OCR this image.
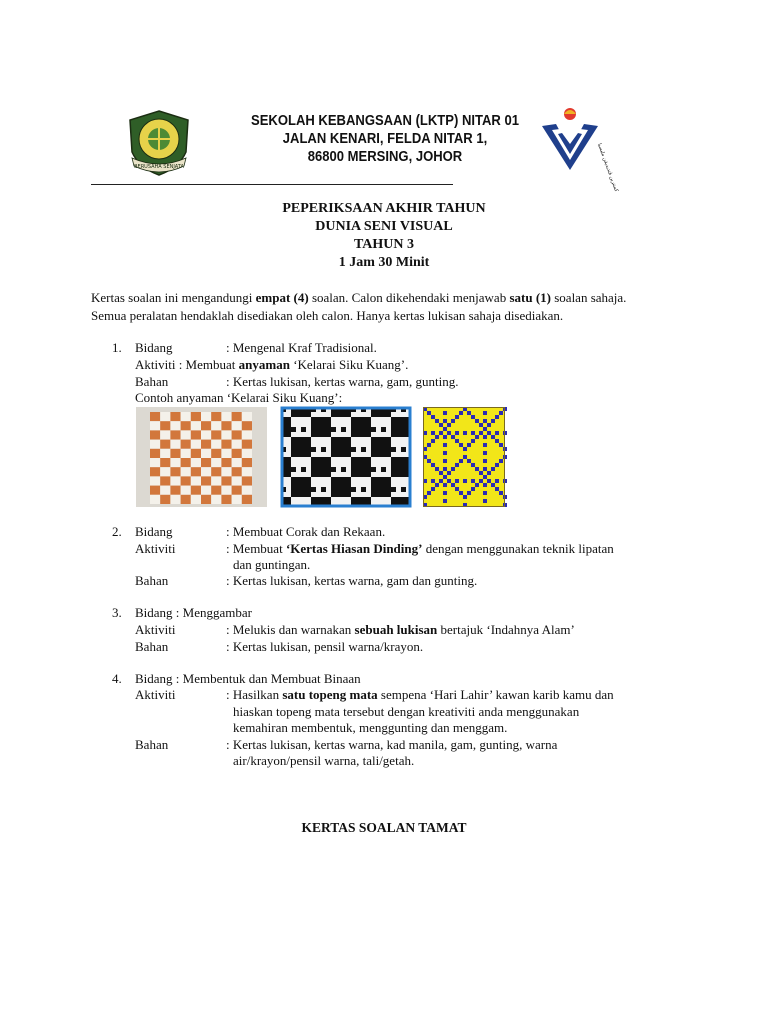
BERUSAHA SENJATA
SEKOLAH KEBANGSAAN (LKTP) NITAR 01
JALAN KENARI, FELDA NITAR 1,
86800 MERSING, JOHOR	كمنترين ڤنديديقن مليسيا
PEPERIKSAAN AKHIR TAHUN
DUNIA SENI VISUAL
TAHUN 3
1 Jam 30 Minit
Kertas soalan ini mengandungi empat (4) soalan. Calon dikehendaki menjawab satu (1) soalan sahaja.
Semua peralatan hendaklah disediakan oleh calon. Hanya kertas lukisan sahaja disediakan.
1. Bidang	: Mengenal Kraf Tradisional.
Aktiviti : Membuat anyaman ‘Kelarai Siku Kuang’.
Bahan	: Kertas lukisan, kertas warna, gam, gunting.
Contoh anyaman ‘Kelarai Siku Kuang’:
2. Bidang	: Membuat Corak dan Rekaan.
Aktiviti	: Membuat ‘Kertas Hiasan Dinding’ dengan menggunakan teknik lipatan
dan guntingan.
Bahan	: Kertas lukisan, kertas warna, gam dan gunting.
3. Bidang : Menggambar
Aktiviti	: Melukis dan warnakan sebuah lukisan bertajuk ‘Indahnya Alam’
Bahan	: Kertas lukisan, pensil warna/krayon.
4. Bidang : Membentuk dan Membuat Binaan
Aktiviti	: Hasilkan satu topeng mata sempena ‘Hari Lahir’ kawan karib kamu dan
hiaskan topeng mata tersebut dengan kreativiti anda menggunakan
kemahiran membentuk, menggunting dan menggam.
Bahan	: Kertas lukisan, kertas warna, kad manila, gam, gunting, warna
air/krayon/pensil warna, tali/getah.
KERTAS SOALAN TAMAT
